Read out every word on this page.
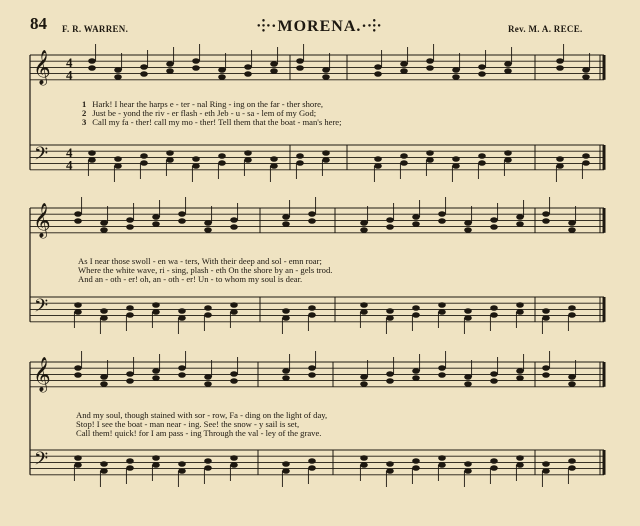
𝄞
𝄢
4
4
4
4
𝄞
𝄢
𝄞
𝄢
84 F. R. WARREN.	⸭·MORENA.·⸭	Rev. M. A. RECE.
1 Hark! I hear the harps e - ter - nal Ring - ing on the far - ther shore,
2 Just be - yond the riv - er flash - eth Jeb - u - sa - lem of my God;
3 Call my fa - ther! call my mo - ther! Tell them that the boat - man's here;
As I near those swoll - en wa - ters, With their deep and sol - emn roar;
Where the white wave, ri - sing, plash - eth On the shore by an - gels trod.
And an - oth - er! oh, an - oth - er! Un - to whom my soul is dear.
And my soul, though stained with sor - row, Fa - ding on the light of day,
Stop! I see the boat - man near - ing. See! the snow - y sail is set,
Call them! quick! for I am pass - ing Through the val - ley of the grave.
